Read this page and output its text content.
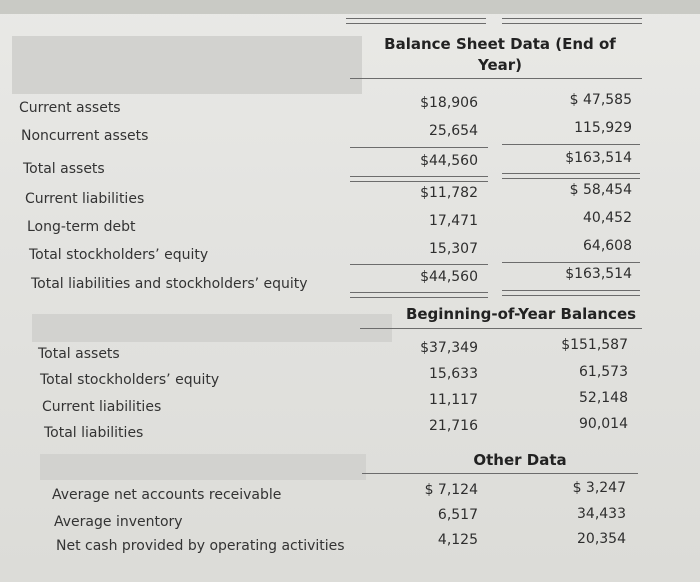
Balance Sheet Data (End of Year)
Current assets	$18,906	$ 47,585
Noncurrent assets	25,654	115,929
Total assets	$44,560	$163,514
Current liabilities	$11,782	$ 58,454
Long-term debt	17,471	40,452
Total stockholders’ equity	15,307	64,608
Total liabilities and stockholders’ equity	$44,560	$163,514
Beginning-of-Year Balances
Total assets	$37,349	$151,587
Total stockholders’ equity	15,633	61,573
Current liabilities	11,117	52,148
Total liabilities	21,716	90,014
Other Data
Average net accounts receivable	$ 7,124	$ 3,247
Average inventory	6,517	34,433
Net cash provided by operating activities	4,125	20,354
